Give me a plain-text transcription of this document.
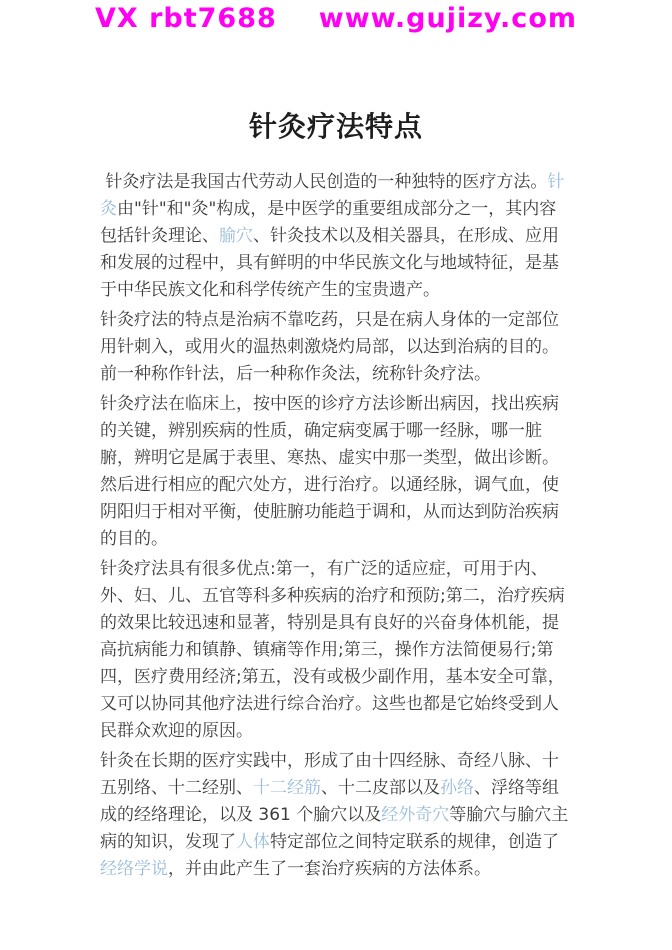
VX rbt7688 www.gujizy.com
针灸疗法特点

针灸疗法是我国古代劳动人民创造的一种独特的医疗方法。针灸由"针"和"灸"构成，是中医学的重要组成部分之一，其内容包括针灸理论、腧穴、针灸技术以及相关器具，在形成、应用和发展的过程中，具有鲜明的中华民族文化与地域特征，是基于中华民族文化和科学传统产生的宝贵遗产。

针灸疗法的特点是治病不靠吃药，只是在病人身体的一定部位用针刺入，或用火的温热刺激烧灼局部，以达到治病的目的。前一种称作针法，后一种称作灸法，统称针灸疗法。

针灸疗法在临床上，按中医的诊疗方法诊断出病因，找出疾病的关键，辨别疾病的性质，确定病变属于哪一经脉，哪一脏腑，辨明它是属于表里、寒热、虚实中那一类型，做出诊断。然后进行相应的配穴处方，进行治疗。以通经脉，调气血，使阴阳归于相对平衡，使脏腑功能趋于调和，从而达到防治疾病的目的。

针灸疗法具有很多优点:第一，有广泛的适应症，可用于内、外、妇、儿、五官等科多种疾病的治疗和预防;第二，治疗疾病的效果比较迅速和显著，特别是具有良好的兴奋身体机能，提高抗病能力和镇静、镇痛等作用;第三，操作方法简便易行;第四，医疗费用经济;第五，没有或极少副作用，基本安全可靠，又可以协同其他疗法进行综合治疗。这些也都是它始终受到人民群众欢迎的原因。

针灸在长期的医疗实践中，形成了由十四经脉、奇经八脉、十五别络、十二经别、十二经筋、十二皮部以及孙络、浮络等组成的经络理论，以及 361 个腧穴以及经外奇穴等腧穴与腧穴主病的知识，发现了人体特定部位之间特定联系的规律，创造了经络学说，并由此产生了一套治疗疾病的方法体系。
